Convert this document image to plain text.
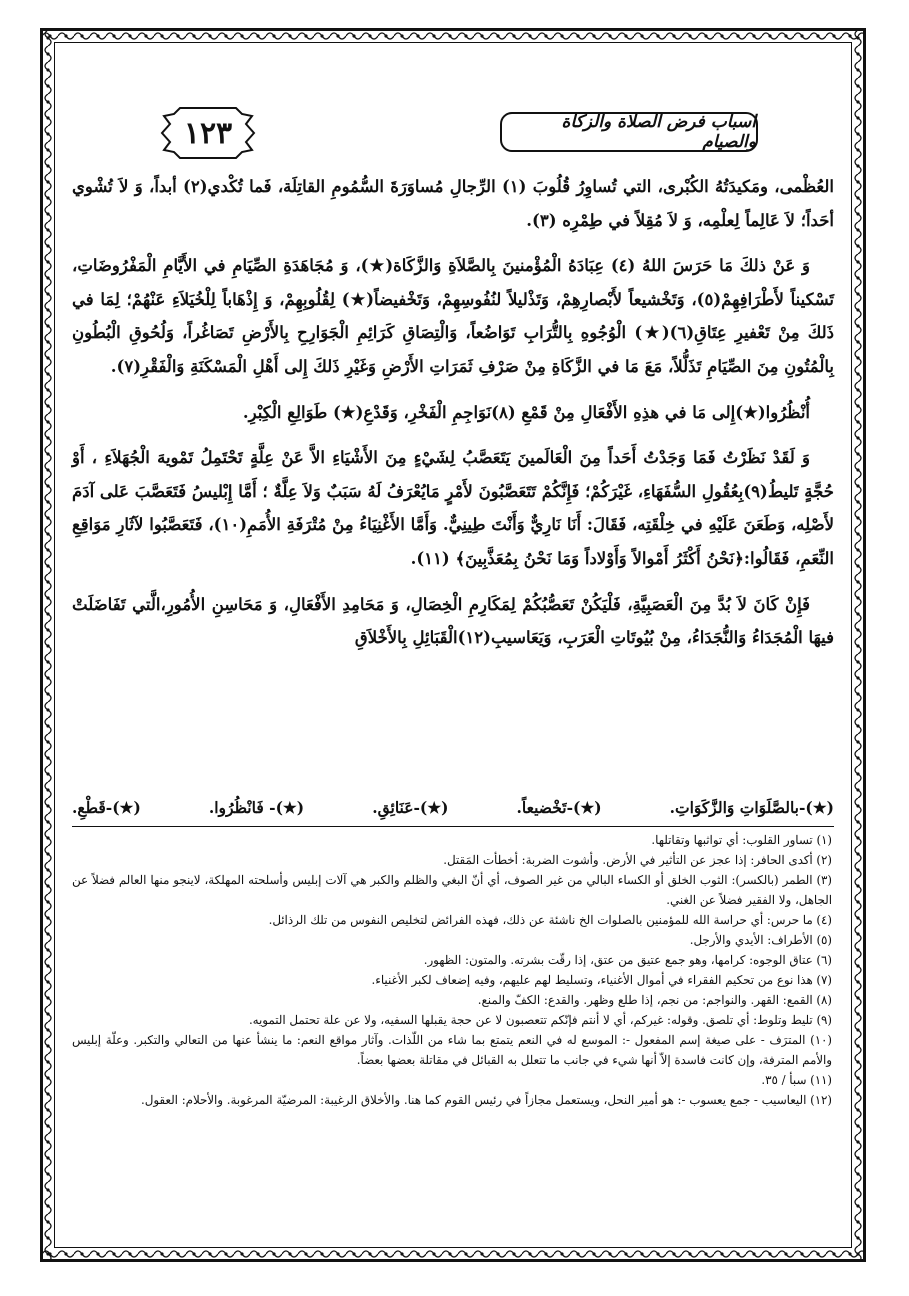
١٢٣	اسباب فرض الصلاة والزكاة والصيام

العُظْمى، ومَكيدَتُهُ الكُبْرى، التي تُساوِرُ قُلُوبَ (١) الرِّجالِ مُساوَرَةَ السُّمُومِ القاتِلَة، فَما تُكْدي(٢) أبداً، وَ لاَ تُشْوي أحَداً؛ لاَ عَالِماً لِعلْمِه، وَ لاَ مُقِلاً في طِمْرِه (٣).

وَ عَنْ ذلكَ مَا حَرَسَ اللهُ (٤) عِبَادَهُ الْمُؤْمنينَ بِالصَّلاَةِ وَالزَّكَاة(★)، وَ مُجَاهَدَةِ الصِّيَامِ في الأَيَّامِ الْمَفْرُوضَاتِ، تَسْكيناً لأَطْرَافِهِمْ(٥)، وَتَخْشيعاً لأَبْصارِهِمْ، وَتَذْليلاً لنُفُوسِهِمْ، وَتَخْفيضاً(★) لِقُلُوبِهِمْ، وَ إِذْهَاباً لِلْخُيَلاَءِ عَنْهُمْ؛ لِمَا في ذَلكَ مِنْ تَعْفيرِ عِتَاقِ(٦)(★) الْوُجُوهِ بِالتُّرَابِ تَوَاضُعاً، وَالْتِصَاقِ كَرَائِمِ الْجَوَارِحِ بِالأَرْضِ تَصَاغُراً، وَلُحُوقِ الْبُطُونِ بِالْمُتُونِ مِنَ الصِّيَامِ تَذَلُّلاً، مَعَ مَا في الزَّكَاةِ مِنْ صَرْفِ ثَمَرَاتِ الأَرْضِ وَغَيْرِ ذَلكَ إِلى أَهْلِ الْمَسْكَنَةِ وَالْفَقْرِ(٧).

أُنْظُرُوا(★)إِلى مَا في هذِهِ الأَفْعَالِ مِنْ قَمْعِ (٨)نَوَاجِمِ الْفَخْرِ، وَقَدْعِ(★) طَوَالِعِ الْكِبْرِ.

وَ لَقَدْ نَظَرْتُ فَمَا وَجَدْتُ أَحَداً مِنَ الْعَالَمينَ يَتَعَصَّبُ لِشَيْءٍ مِنَ الأَشْيَاءِ الاَّ عَنْ عِلَّةٍ تَحْتَمِلُ تَمْويهَ الْجُهَلاَءِ ، أَوْ حُجَّةٍ تَليطُ(٩)بِعُقُولِ السُّفَهَاءِ، غَيْرَكُمْ؛ فَإِنَّكُمْ تَتَعَصَّبُونَ لأَمْرٍ مَايُعْرَفُ لَهُ سَبَبٌ وَلاَ عِلَّةٌ ؛ أَمَّا إِبْليسُ فَتَعَصَّبَ عَلى آدَمَ لأَصْلِه، وَطَعَنَ عَلَيْهِ في خِلْقَتِه، فَقَالَ: أَنَا نَارِيٌّ وَأَنْتَ طِينِيٌّ. وَأَمَّا الأَغْنِيَاءُ مِنْ مُتْرَفَةِ الأُمَمِ(١٠)، فَتَعَصَّبُوا لآثَارِ مَوَاقِعِ النِّعَمِ، فَقَالُوا:﴿نَحْنُ أَكْثَرُ أَمْوالاً وَأَوْلاداً وَمَا نَحْنُ بِمُعَذَّبِينَ﴾ (١١).

فَإِنْ كَانَ لاَ بُدَّ مِنَ الْعَصَبِيَّةِ، فَلْيَكُنْ تَعَصُّبُكُمْ لِمَكَارِمِ الْخِصَالِ، وَ مَحَامِدِ الأَفْعَالِ، وَ مَحَاسِنِ الأُمُورِ،الَّتي تَفَاضَلَتْ فيهَا الْمُجَدَاءُ وَالنُّجَدَاءُ، مِنْ بُيُوتَاتِ الْعَرَبِ، وَيَعَاسيبِ(١٢)الْقَبَائِلِ بِالأَخْلاَقِ

(★)-بالصَّلَوَاتِ وَالزَّكَوَاتِ.
(★)-تَخْضيعاً.
(★)-عَنَائِقِ.
(★)- فَانْظُرُوا.
(★)-قَطْعِ.

(١) تساور القلوب: أي تواثبها وتقاتلها.

(٢) أكدى الحافر: إذا عجز عن التأثير في الأرض. وأشوت الضربة: أخطأت المَقتل.

(٣) الطمر (بالكسر): الثوب الخلق أو الكساء البالي من غير الصوف، أي أنّ البغي والظلم والكبر هي آلات إبليس وأسلحته المهلكة، لاينجو منها العالم فضلاً عن الجاهل، ولا الفقير فضلاً عن الغني.

(٤) ما حرس: أي حراسة الله للمؤمنين بالصلوات الخ ناشئة عن ذلك، فهذه الفرائض لتخليص النفوس من تلك الرذائل.

(٥) الأطراف: الأيدي والأرجل.

(٦) عتاق الوجوه: كرامها، وهو جمع عتيق من عتق، إذا رقّت بشرته. والمتون: الظهور.

(٧) هذا نوع من تحكيم الفقراء في أموال الأغنياء، وتسليط لهم عليهم، وفيه إضعاف لكبر الأغنياء.

(٨) القمع: القهر. والنواجم: من نجم، إذا طلع وظهر. والقدع: الكفّ والمنع.

(٩) تليط وتلوط: أي تلصق. وقوله: غيركم، أي لا أنتم فإنّكم تتعصبون لا عن حجة يقبلها السفيه، ولا عن علة تحتمل التمويه.

(١٠) المترَف - على صيغة إسم المفعول -: الموسع له في النعم يتمتع بما شاء من اللّذات. وآثار مواقع النعم: ما ينشأ عنها من التعالي والتكبر. وعلّة إبليس والأمم المترفة، وإن كانت فاسدة إلاّ أنها شيء في جانب ما تتعلل به القبائل في مقاتلة بعضها بعضاً.

(١١) سبأ / ٣٥.

(١٢) اليعاسيب - جمع يعسوب -: هو أمير النحل، ويستعمل مجازاً في رئيس القوم كما هنا. والأخلاق الرغيبة: المرضيّة المرغوبة. والأحلام: العقول.
